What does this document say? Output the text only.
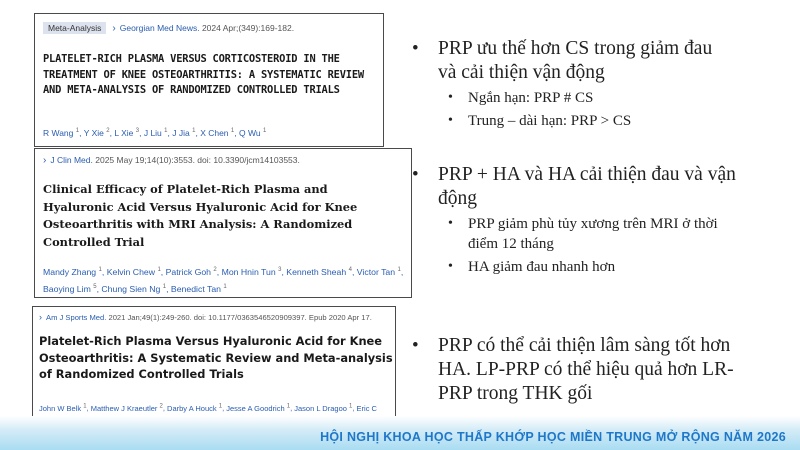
Meta-Analysis › Georgian Med News. 2024 Apr;(349):169-182.
PLATELET-RICH PLASMA VERSUS CORTICOSTEROID IN THE TREATMENT OF KNEE OSTEOARTHRITIS: A SYSTEMATIC REVIEW AND META-ANALYSIS OF RANDOMIZED CONTROLLED TRIALS
R Wang $^1$, Y Xie $^2$, L Xie $^3$, J Liu $^1$, J Jia $^1$, X Chen $^1$, Q Wu $^1$
› J Clin Med. 2025 May 19;14(10):3553. doi: 10.3390/jcm14103553.
Clinical Efficacy of Platelet-Rich Plasma and Hyaluronic Acid Versus Hyaluronic Acid for Knee Osteoarthritis with MRI Analysis: A Randomized Controlled Trial
Mandy Zhang $^1$, Kelvin Chew $^1$, Patrick Goh $^2$, Mon Hnin Tun $^3$, Kenneth Sheah $^4$, Victor Tan $^1$, Baoying Lim $^5$, Chung Sien Ng $^1$, Benedict Tan $^1$
› Am J Sports Med. 2021 Jan;49(1):249-260. doi: 10.1177/0363546520909397. Epub 2020 Apr 17.
Platelet-Rich Plasma Versus Hyaluronic Acid for Knee Osteoarthritis: A Systematic Review and Meta-analysis of Randomized Controlled Trials
John W Belk $^1$, Matthew J Kraeutler $^2$, Darby A Houck $^1$, Jesse A Goodrich $^1$, Jason L Dragoo $^1$, Eric C
• PRP ưu thế hơn CS trong giảm đau và cải thiện vận động
• Ngắn hạn: PRP # CS
• Trung – dài hạn: PRP > CS
• PRP + HA và HA cải thiện đau và vận động
• PRP giảm phù tủy xương trên MRI ở thời điểm 12 tháng
• HA giảm đau nhanh hơn
• PRP có thể cải thiện lâm sàng tốt hơn HA. LP-PRP có thể hiệu quả hơn LR-PRP trong THK gối
HỘI NGHỊ KHOA HỌC THẤP KHỚP HỌC MIỀN TRUNG MỞ RỘNG NĂM 2026
